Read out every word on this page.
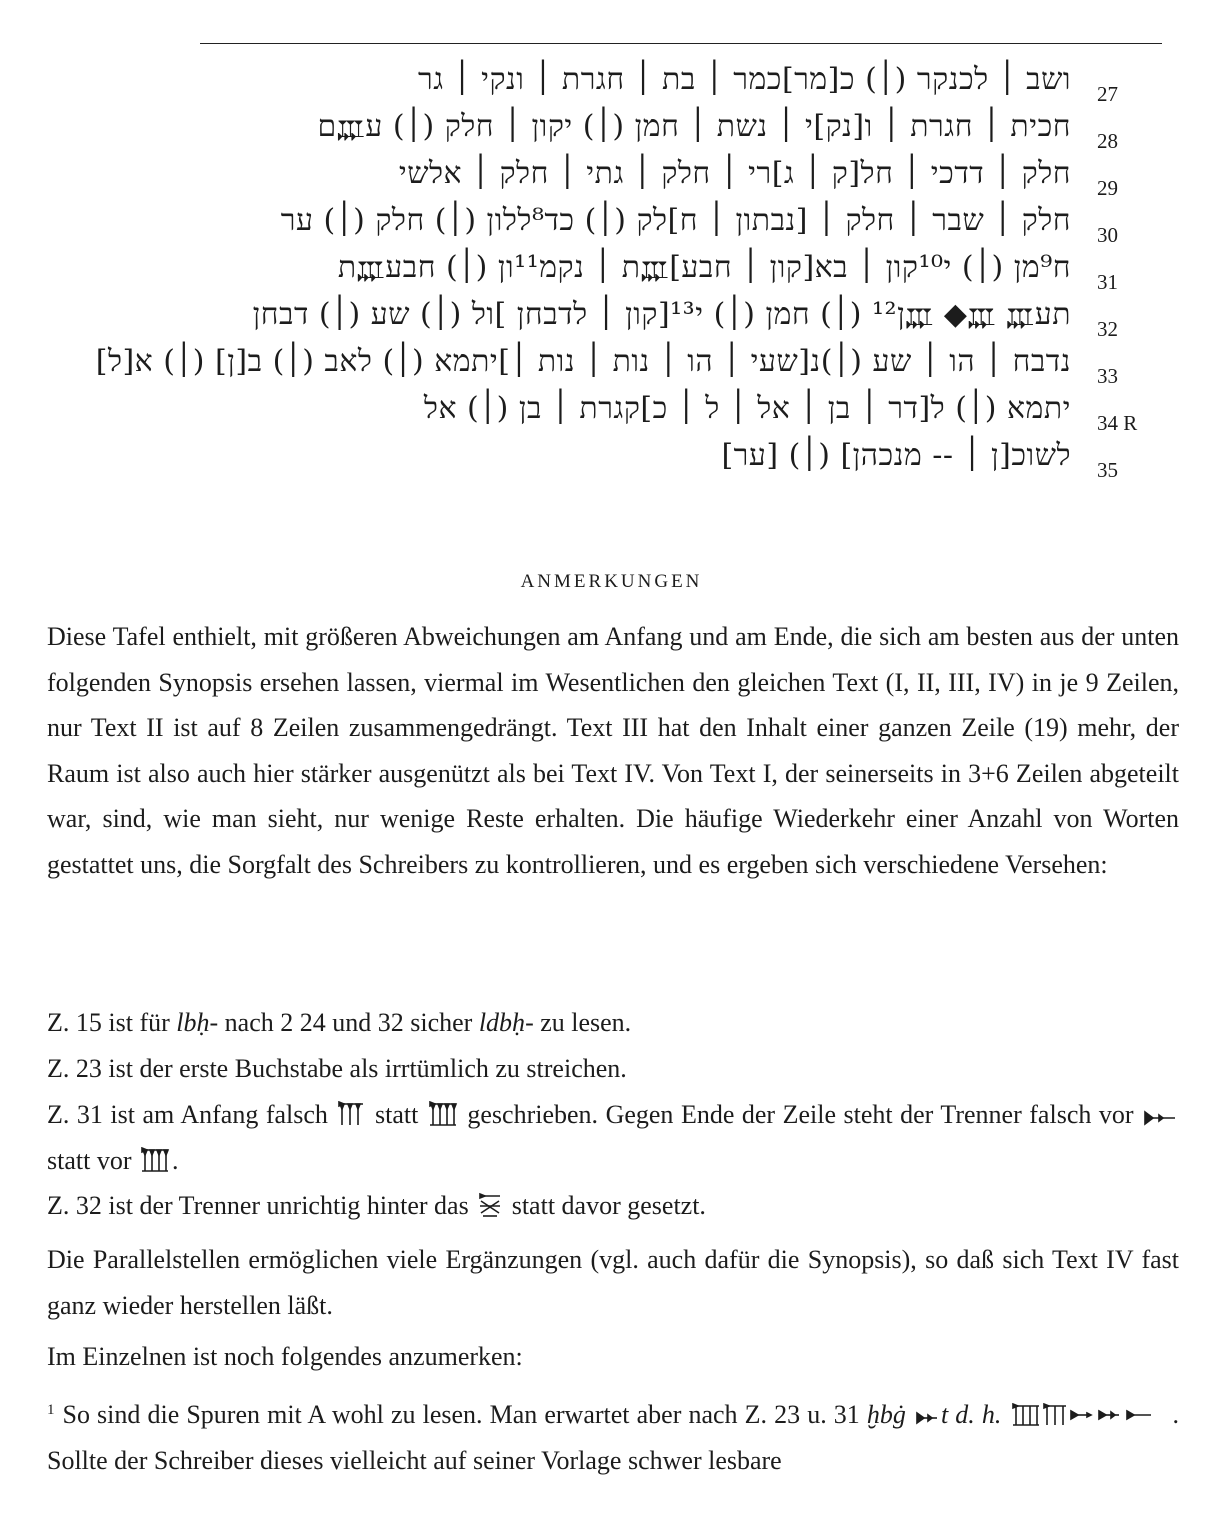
ושב ׀ לכנקר (׀) כ[מר]כמר ׀ בת ׀ חגרת ׀ ונקי ׀ גר 27
חכית ׀ חגרת ׀ ו[נק]י ׀ נשת ׀ חמן (׀) יקון ׀ חלק (׀) ע𐎄ם 28
חלק ׀ דדכי ׀ חל[ק ׀ ג]רי ׀ חלק ׀ גתי ׀ חלק ׀ אלשי 29
חלק ׀ שבר ׀ חלק ׀ [נבתון ׀ ח]לק (׀) כד⁸ללון (׀) חלק (׀) ער 30
ח⁹מן (׀) י¹⁰קון ׀ בא[קון ׀ חבע]𐎄ת ׀ נקמ¹¹ון (׀) חבע𐎄ת 31
תע𐎄 ◆𐎄 𐎄ן¹² (׀) חמן (׀) י¹³[קון ׀ לדבחן ]ול (׀) שע (׀) דבחן 32
נדבח ׀ הו ׀ שע (׀)נ[שעי ׀ הו ׀ נות ׀ נות ׀]יתמא (׀) לאב (׀) ב[ן] (׀) א[ל] 33
יתמא (׀) ל[דר ׀ בן ׀ אל ׀ ל ׀ כ]קגרת ׀ בן (׀) אל 34 R
לשוכ[ן ׀ -- מנכהן] (׀) [ער] 35
ANMERKUNGEN

Diese Tafel enthielt, mit größeren Abweichungen am Anfang und am Ende, die sich am besten aus der unten folgenden Synopsis ersehen lassen, viermal im Wesentlichen den gleichen Text (I, II, III, IV) in je 9 Zeilen, nur Text II ist auf 8 Zeilen zusammengedrängt. Text III hat den Inhalt einer ganzen Zeile (19) mehr, der Raum ist also auch hier stärker ausgenützt als bei Text IV. Von Text I, der seinerseits in 3+6 Zeilen abgeteilt war, sind, wie man sieht, nur wenige Reste erhalten. Die häufige Wiederkehr einer Anzahl von Worten gestattet uns, die Sorgfalt des Schreibers zu kontrollieren, und es ergeben sich verschiedene Versehen:

Z. 15 ist für lbḥ- nach 2 24 und 32 sicher ldbḥ- zu lesen.

Z. 23 ist der erste Buchstabe als irrtümlich zu streichen.

Z. 31 ist am Anfang falsch statt geschrieben. Gegen Ende der Zeile steht der Trenner falsch vor  statt vor .

Z. 32 ist der Trenner unrichtig hinter das statt davor gesetzt.

Die Parallelstellen ermöglichen viele Ergänzungen (vgl. auch dafür die Synopsis), so daß sich Text IV fast ganz wieder herstellen läßt.

Im Einzelnen ist noch folgendes anzumerken:

$^1$ So sind die Spuren mit A wohl zu lesen. Man erwartet aber nach Z. 23 u. 31 ḫbġ t d. h.	. Sollte der Schreiber dieses vielleicht auf seiner Vorlage schwer lesbare
